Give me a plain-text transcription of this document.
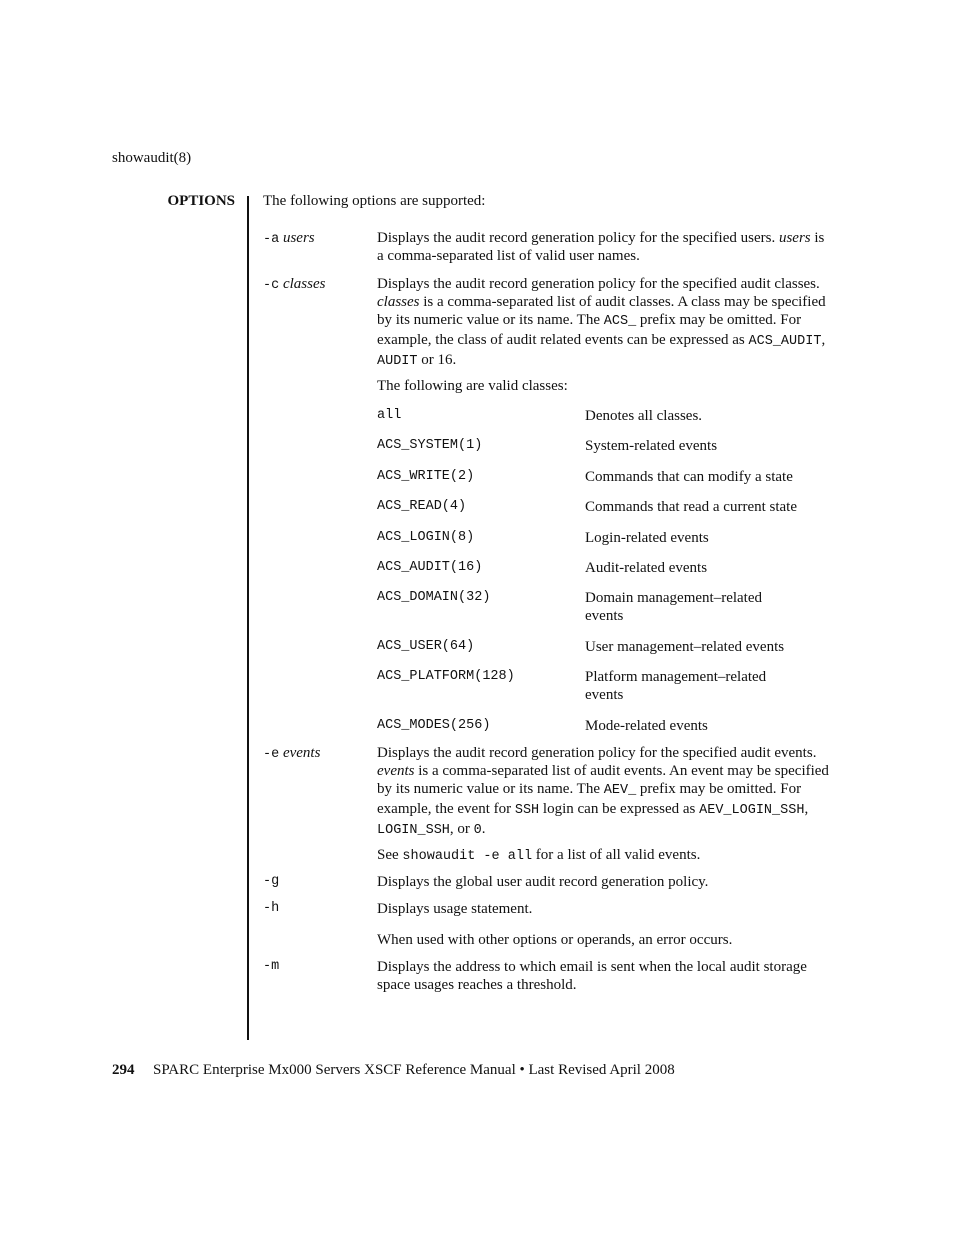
showaudit(8)
OPTIONS The following options are supported:
-a users	Displays the audit record generation policy for the specified users. users is a comma-separated list of valid user names.
-c classes	Displays the audit record generation policy for the specified audit classes. classes is a comma-separated list of audit classes. A class may be specified by its numeric value or its name. The ACS_ prefix may be omitted. For example, the class of audit related events can be expressed as ACS_AUDIT, AUDIT or 16.
The following are valid classes:
all	Denotes all classes.
ACS_SYSTEM(1)	System-related events
ACS_WRITE(2)	Commands that can modify a state
ACS_READ(4)	Commands that read a current state
ACS_LOGIN(8)	Login-related events
ACS_AUDIT(16)	Audit-related events
ACS_DOMAIN(32)	Domain management–related events
ACS_USER(64)	User management–related events
ACS_PLATFORM(128)	Platform management–related events
ACS_MODES(256)	Mode-related events
-e events	Displays the audit record generation policy for the specified audit events. events is a comma-separated list of audit events. An event may be specified by its numeric value or its name. The AEV_ prefix may be omitted. For example, the event for SSH login can be expressed as AEV_LOGIN_SSH, LOGIN_SSH, or 0.
See showaudit -e all for a list of all valid events.
-g	Displays the global user audit record generation policy.
-h	Displays usage statement.
When used with other options or operands, an error occurs.
-m	Displays the address to which email is sent when the local audit storage space usages reaches a threshold.
294 SPARC Enterprise Mx000 Servers XSCF Reference Manual • Last Revised April 2008
